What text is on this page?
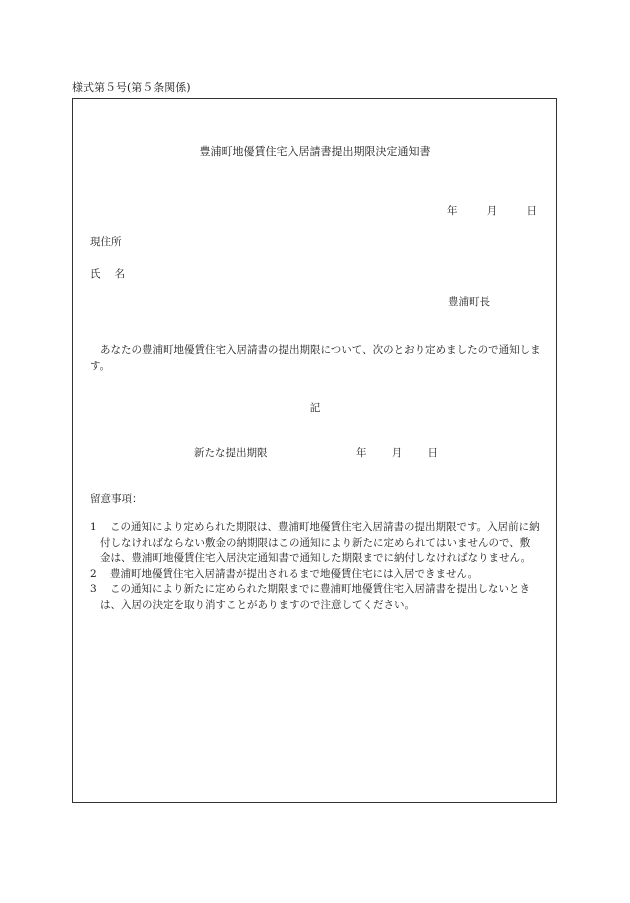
様式第５号(第５条関係)
豊浦町地優賃住宅入居請書提出期限決定通知書
年	月	日
現住所
氏 名
豊浦町長
あなたの豊浦町地優賃住宅入居請書の提出期限について、次のとおり定めましたので通知します。
記
新たな提出期限	年 月 日
留意事項：
1	この通知により定められた期限は、豊浦町地優賃住宅入居請書の提出期限です。入居前に納付しなければならない敷金の納期限はこの通知により新たに定められてはいませんので、敷金は、豊浦町地優賃住宅入居決定通知書で通知した期限までに納付しなければなりません。
2	豊浦町地優賃住宅入居請書が提出されるまで地優賃住宅には入居できません。
3	この通知により新たに定められた期限までに豊浦町地優賃住宅入居請書を提出しないときは、入居の決定を取り消すことがありますので注意してください。
